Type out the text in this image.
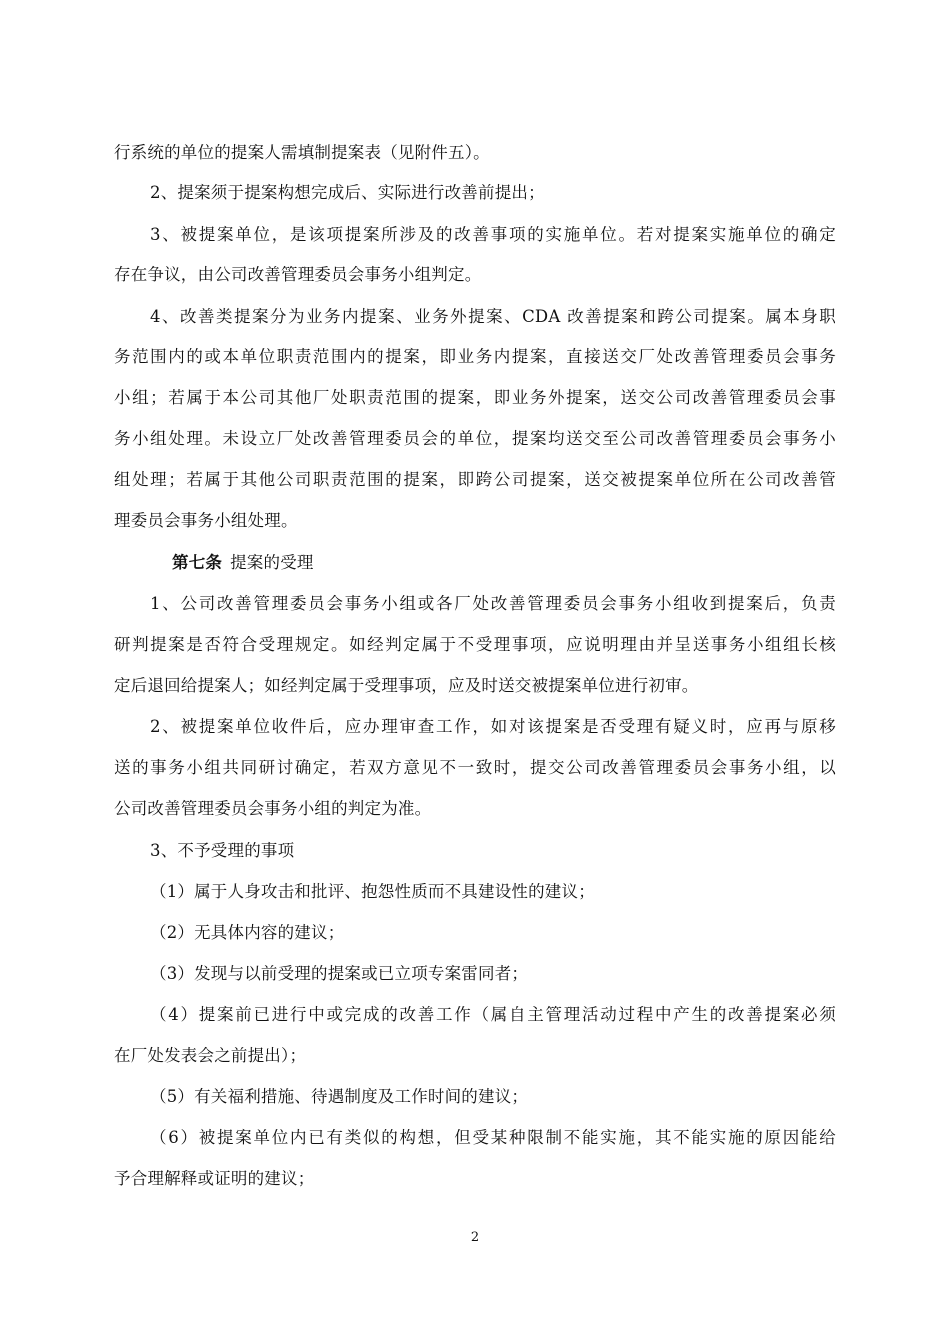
行系统的单位的提案人需填制提案表（见附件五）。
2、提案须于提案构想完成后、实际进行改善前提出；
3、被提案单位，是该项提案所涉及的改善事项的实施单位。若对提案实施单位的确定
存在争议，由公司改善管理委员会事务小组判定。
4、改善类提案分为业务内提案、业务外提案、CDA 改善提案和跨公司提案。属本身职
务范围内的或本单位职责范围内的提案，即业务内提案，直接送交厂处改善管理委员会事务
小组；若属于本公司其他厂处职责范围的提案，即业务外提案，送交公司改善管理委员会事
务小组处理。未设立厂处改善管理委员会的单位，提案均送交至公司改善管理委员会事务小
组处理；若属于其他公司职责范围的提案，即跨公司提案，送交被提案单位所在公司改善管
理委员会事务小组处理。
第七条 提案的受理
1、公司改善管理委员会事务小组或各厂处改善管理委员会事务小组收到提案后，负责
研判提案是否符合受理规定。如经判定属于不受理事项，应说明理由并呈送事务小组组长核
定后退回给提案人；如经判定属于受理事项，应及时送交被提案单位进行初审。
2、被提案单位收件后，应办理审查工作，如对该提案是否受理有疑义时，应再与原移
送的事务小组共同研讨确定，若双方意见不一致时，提交公司改善管理委员会事务小组，以
公司改善管理委员会事务小组的判定为准。
3、不予受理的事项
（1）属于人身攻击和批评、抱怨性质而不具建设性的建议；
（2）无具体内容的建议；
（3）发现与以前受理的提案或已立项专案雷同者；
（4）提案前已进行中或完成的改善工作（属自主管理活动过程中产生的改善提案必须
在厂处发表会之前提出）；
（5）有关福利措施、待遇制度及工作时间的建议；
（6）被提案单位内已有类似的构想，但受某种限制不能实施，其不能实施的原因能给
予合理解释或证明的建议；
2
